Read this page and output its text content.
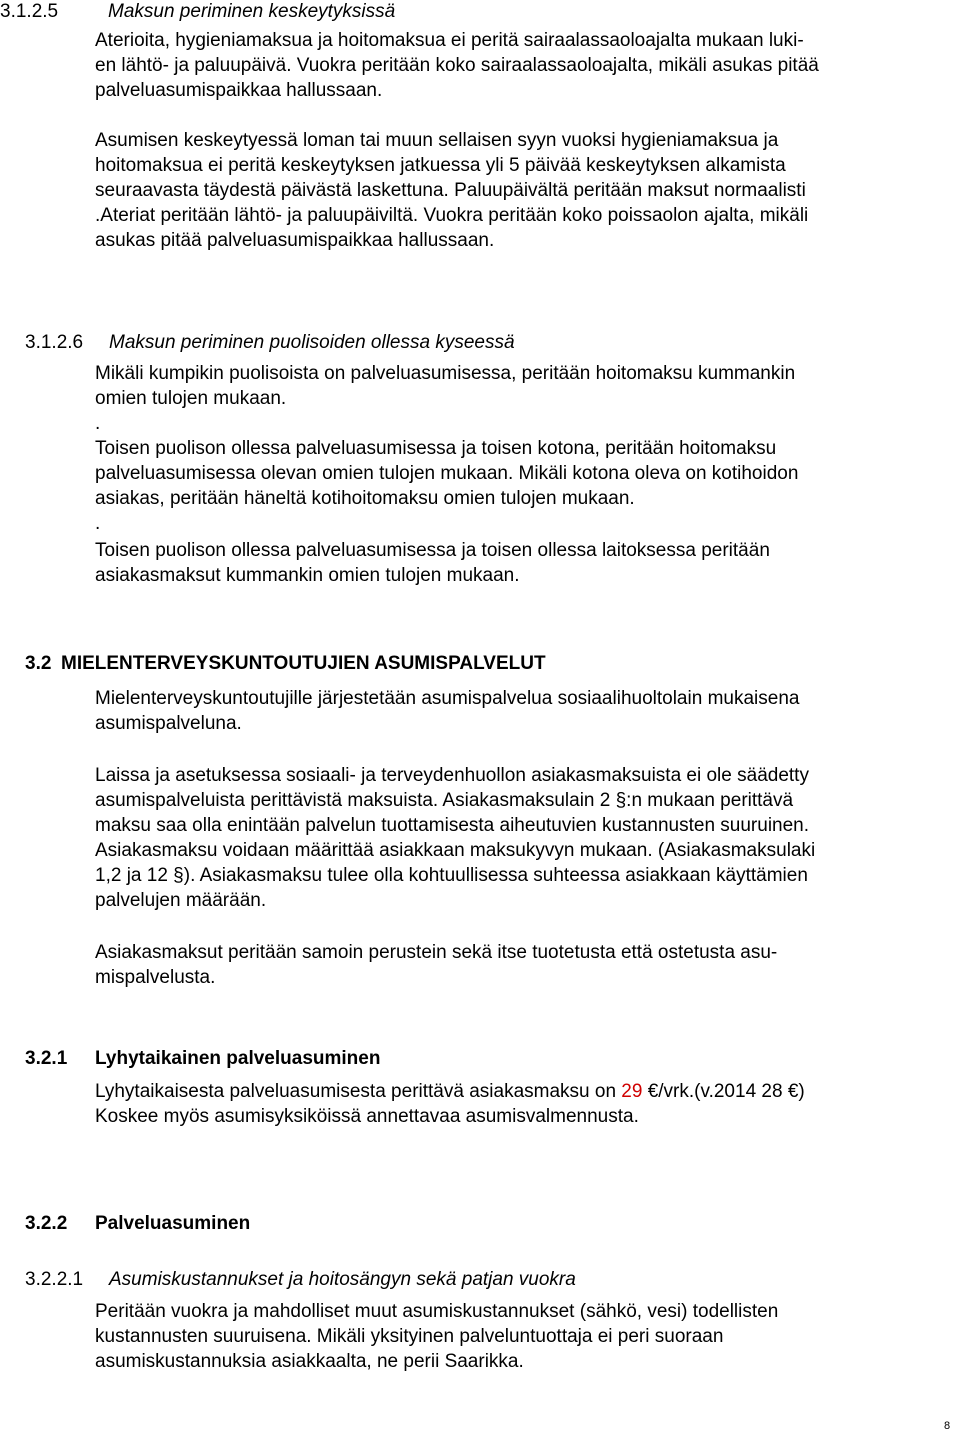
3.1.2.5	Maksun periminen keskeytyksissä
Aterioita, hygieniamaksua ja hoitomaksua ei peritä sairaalassaoloajalta mukaan luki-
en lähtö- ja paluupäivä. Vuokra peritään koko sairaalassaoloajalta, mikäli asukas pitää
palveluasumispaikkaa hallussaan.
Asumisen keskeytyessä loman tai muun sellaisen syyn vuoksi hygieniamaksua ja
hoitomaksua ei peritä keskeytyksen jatkuessa yli 5 päivää keskeytyksen alkamista
seuraavasta täydestä päivästä laskettuna. Paluupäivältä peritään maksut normaalisti
.Ateriat peritään lähtö- ja paluupäiviltä. Vuokra peritään koko poissaolon ajalta, mikäli
asukas pitää palveluasumispaikkaa hallussaan.
3.1.2.6 Maksun periminen puolisoiden ollessa kyseessä
Mikäli kumpikin puolisoista on palveluasumisessa, peritään hoitomaksu kummankin
omien tulojen mukaan.
.
Toisen puolison ollessa palveluasumisessa ja toisen kotona, peritään hoitomaksu
palveluasumisessa olevan omien tulojen mukaan. Mikäli kotona oleva on kotihoidon
asiakas, peritään häneltä kotihoitomaksu omien tulojen mukaan.
.
Toisen puolison ollessa palveluasumisessa ja toisen ollessa laitoksessa peritään
asiakasmaksut kummankin omien tulojen mukaan.
3.2 MIELENTERVEYSKUNTOUTUJIEN ASUMISPALVELUT
Mielenterveyskuntoutujille järjestetään asumispalvelua sosiaalihuoltolain mukaisena
asumispalveluna.
Laissa ja asetuksessa sosiaali- ja terveydenhuollon asiakasmaksuista ei ole säädetty
asumispalveluista perittävistä maksuista. Asiakasmaksulain 2 §:n mukaan perittävä
maksu saa olla enintään palvelun tuottamisesta aiheutuvien kustannusten suuruinen.
Asiakasmaksu voidaan määrittää asiakkaan maksukyvyn mukaan. (Asiakasmaksulaki
1,2 ja 12 §). Asiakasmaksu tulee olla kohtuullisessa suhteessa asiakkaan käyttämien
palvelujen määrään.
Asiakasmaksut peritään samoin perustein sekä itse tuotetusta että ostetusta asu-
mispalvelusta.
3.2.1 Lyhytaikainen palveluasuminen
Lyhytaikaisesta palveluasumisesta perittävä asiakasmaksu on 29 €/vrk.(v.2014 28 €)
Koskee myös asumisyksiköissä annettavaa asumisvalmennusta.
3.2.2 Palveluasuminen
3.2.2.1 Asumiskustannukset ja hoitosängyn sekä patjan vuokra
Peritään vuokra ja mahdolliset muut asumiskustannukset (sähkö, vesi) todellisten
kustannusten suuruisena. Mikäli yksityinen palveluntuottaja ei peri suoraan
asumiskustannuksia asiakkaalta, ne perii Saarikka.
8
